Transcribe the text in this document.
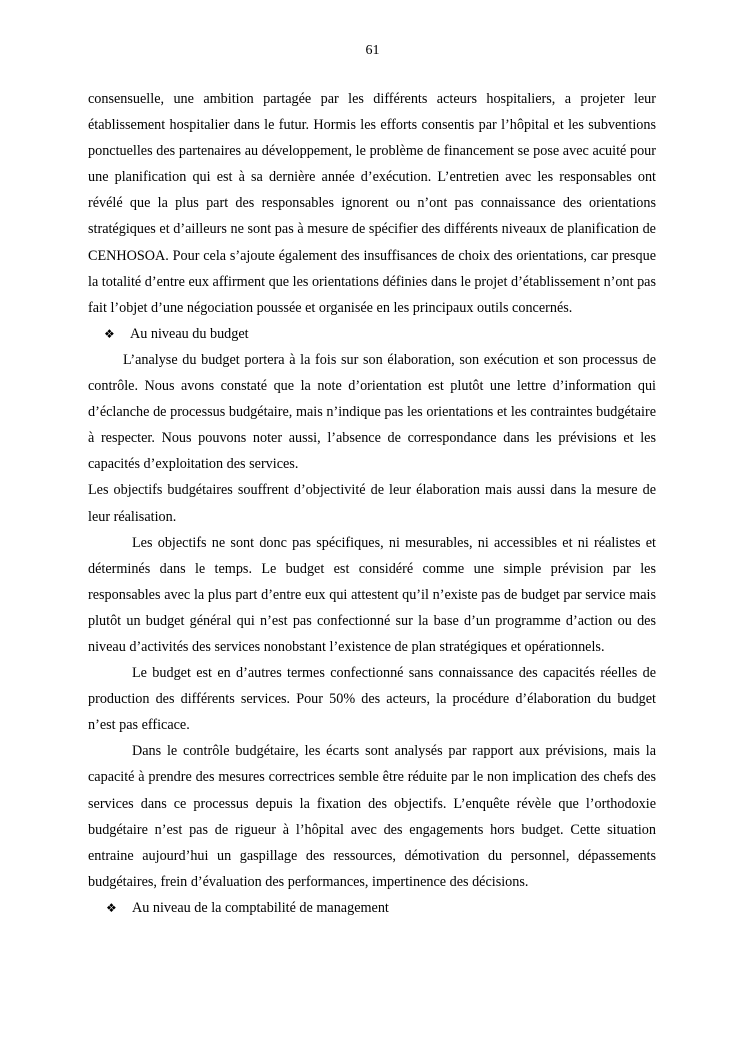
61

consensuelle, une ambition partagée par les différents acteurs hospitaliers, a projeter leur établissement hospitalier dans le futur. Hormis les efforts consentis par l’hôpital et les subventions ponctuelles des partenaires au développement, le problème de financement se pose avec acuité pour une planification qui est à sa dernière année d’exécution. L’entretien avec les responsables ont révélé que la plus part des responsables ignorent ou n’ont pas connaissance des orientations stratégiques et d’ailleurs ne sont pas à mesure de spécifier des différents niveaux de planification de CENHOSOA. Pour cela s’ajoute également des insuffisances de choix des orientations, car presque la totalité d’entre eux affirment que les orientations définies dans le projet d’établissement n’ont pas fait l’objet d’une négociation poussée et organisée en les principaux outils concernés.

❖	Au niveau du budget

L’analyse du budget portera à la fois sur son élaboration, son exécution et son processus de contrôle. Nous avons constaté que la note d’orientation est plutôt une lettre d’information qui d’éclanche de processus budgétaire, mais n’indique pas les orientations et les contraintes budgétaire à respecter. Nous pouvons noter aussi, l’absence de correspondance dans les prévisions et les capacités d’exploitation des services.

Les objectifs budgétaires souffrent d’objectivité de leur élaboration mais aussi dans la mesure de leur réalisation.

Les objectifs ne sont donc pas spécifiques, ni mesurables, ni accessibles et ni réalistes et déterminés dans le temps. Le budget est considéré comme une simple prévision par les responsables avec la plus part d’entre eux qui attestent qu’il n’existe pas de budget par service mais plutôt un budget général qui n’est pas confectionné sur la base d’un programme d’action ou des niveau d’activités des services nonobstant l’existence de plan stratégiques et opérationnels.

Le budget est en d’autres termes confectionné sans connaissance des capacités réelles de production des différents services. Pour 50% des acteurs, la procédure d’élaboration du budget n’est pas efficace.

Dans le contrôle budgétaire, les écarts sont analysés par rapport aux prévisions, mais la capacité à prendre des mesures correctrices semble être réduite par le non implication des chefs des services dans ce processus depuis la fixation des objectifs. L’enquête révèle que l’orthodoxie budgétaire n’est pas de rigueur à l’hôpital avec des engagements hors budget. Cette situation entraine aujourd’hui un gaspillage des ressources, démotivation du personnel, dépassements budgétaires, frein d’évaluation des performances, impertinence des décisions.

❖	Au niveau de la comptabilité de management
